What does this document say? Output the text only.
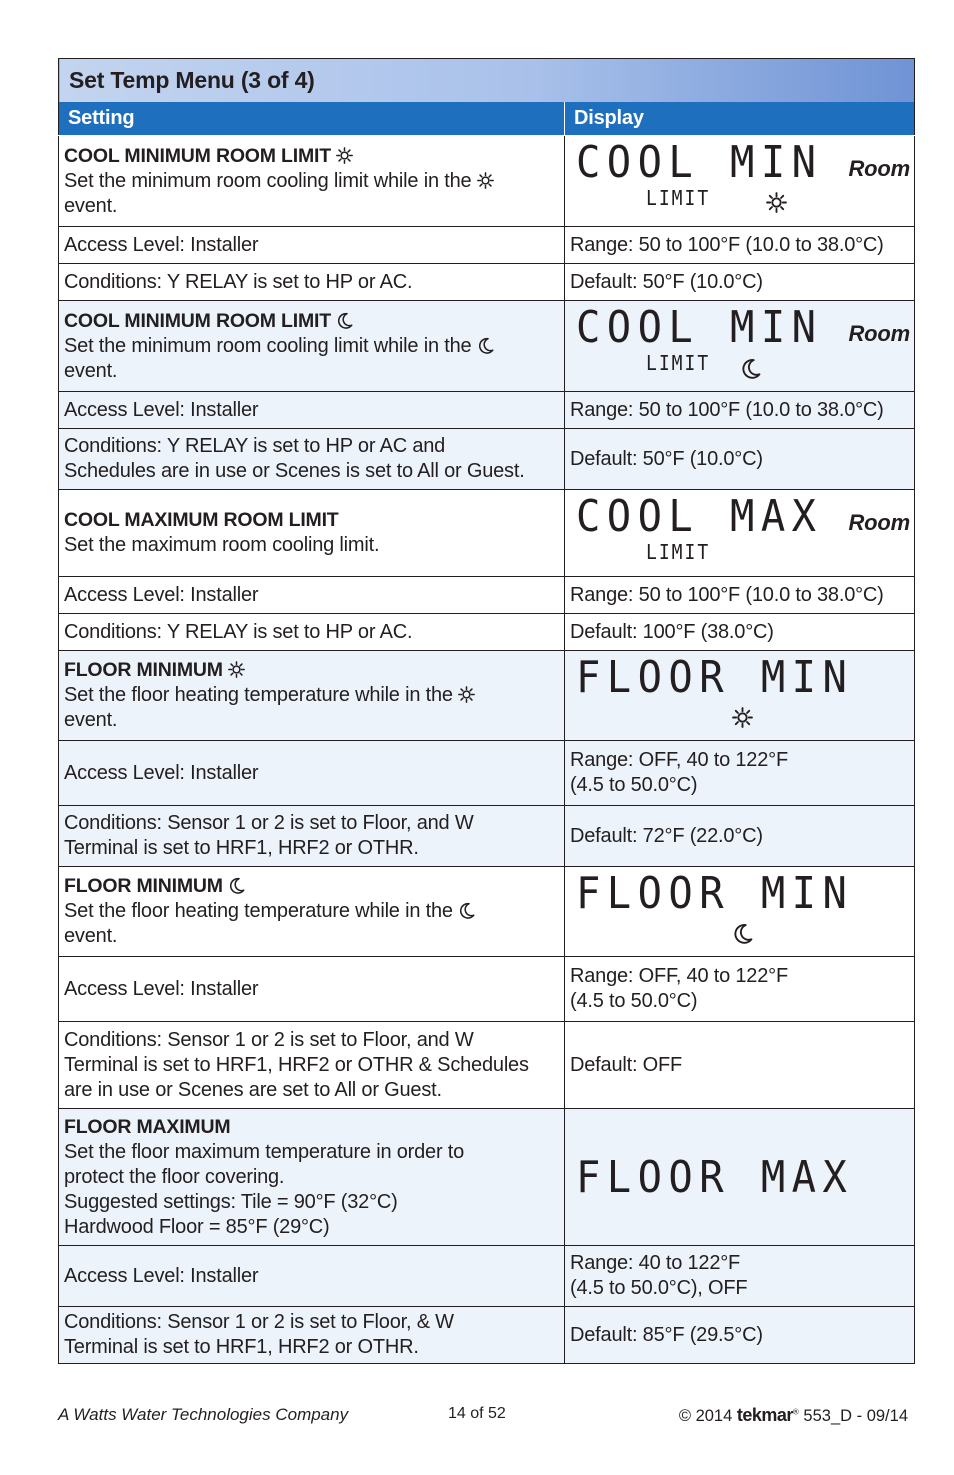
Set Temp Menu (3 of 4)	
Setting	Display
COOL MINIMUM ROOM LIMIT
Set the minimum room cooling limit while in the
event.	COOL MIN
LIMIT
Room

Access Level: Installer	Range: 50 to 100°F (10.0 to 38.0°C)
Conditions: Y RELAY is set to HP or AC.	Default: 50°F (10.0°C)
COOL MINIMUM ROOM LIMIT
Set the minimum room cooling limit while in the
event.	COOL MIN
LIMIT
Room

Access Level: Installer	Range: 50 to 100°F (10.0 to 38.0°C)
Conditions: Y RELAY is set to HP or AC and
Schedules are in use or Scenes is set to All or Guest.	Default: 50°F (10.0°C)
COOL MAXIMUM ROOM LIMIT
Set the maximum room cooling limit.	COOL MAX
LIMIT
Room

Access Level: Installer	Range: 50 to 100°F (10.0 to 38.0°C)
Conditions: Y RELAY is set to HP or AC.	Default: 100°F (38.0°C)
FLOOR MINIMUM
Set the floor heating temperature while in the
event.	FLOOR MIN

Access Level: Installer	Range: OFF, 40 to 122°F
(4.5 to 50.0°C)
Conditions: Sensor 1 or 2 is set to Floor, and W
Terminal is set to HRF1, HRF2 or OTHR.	Default: 72°F (22.0°C)
FLOOR MINIMUM
Set the floor heating temperature while in the
event.	FLOOR MIN

Access Level: Installer	Range: OFF, 40 to 122°F
(4.5 to 50.0°C)
Conditions: Sensor 1 or 2 is set to Floor, and W
Terminal is set to HRF1, HRF2 or OTHR & Schedules
are in use or Scenes are set to All or Guest.	Default: OFF
FLOOR MAXIMUM
Set the floor maximum temperature in order to
protect the floor covering.
Suggested settings: Tile = 90°F (32°C)
Hardwood Floor = 85°F (29°C)	FLOOR MAX

Access Level: Installer	Range: 40 to 122°F
(4.5 to 50.0°C), OFF
Conditions: Sensor 1 or 2 is set to Floor, & W
Terminal is set to HRF1, HRF2 or OTHR.	Default: 85°F (29.5°C)
A Watts Water Technologies Company	14 of 52	© 2014 tekmar® 553_D - 09/14
